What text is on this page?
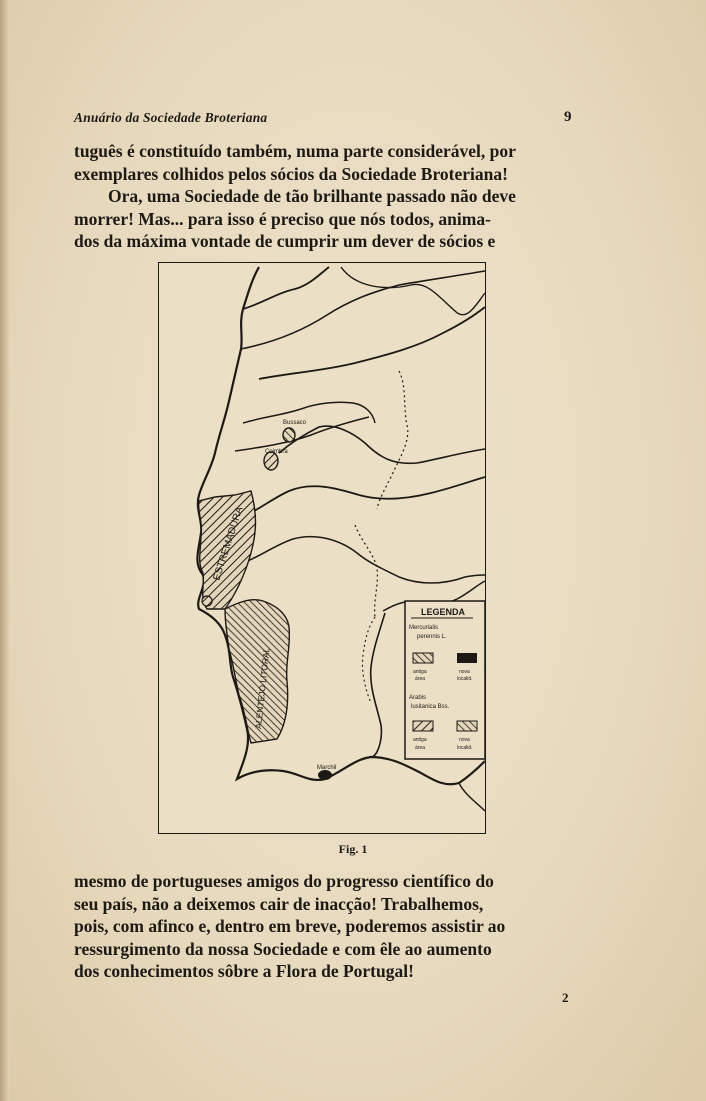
Anuário da Sociedade Broteriana	9

tuguês é constituído também, numa parte considerável, por

exemplares colhidos pelos sócios da Sociedade Broteriana!

Ora, uma Sociedade de tão brilhante passado não deve

morrer! Mas... para isso é preciso que nós todos, anima-

dos da máxima vontade de cumprir um dever de sócios e

ESTREMADURA
ALENTEJO LITORAL
Bussaco
Coimbra
Marchil
LEGENDA
Mercurialis
perennis L.
antiga
área
nova
localid.
Arabis
lusitanica Bss.
antiga
área
nova
localid.
Fig. 1

mesmo de portugueses amigos do progresso científico do

seu país, não a deixemos cair de inacção! Trabalhemos,

pois, com afinco e, dentro em breve, poderemos assistir ao

ressurgimento da nossa Sociedade e com êle ao aumento

dos conhecimentos sôbre a Flora de Portugal!

2
